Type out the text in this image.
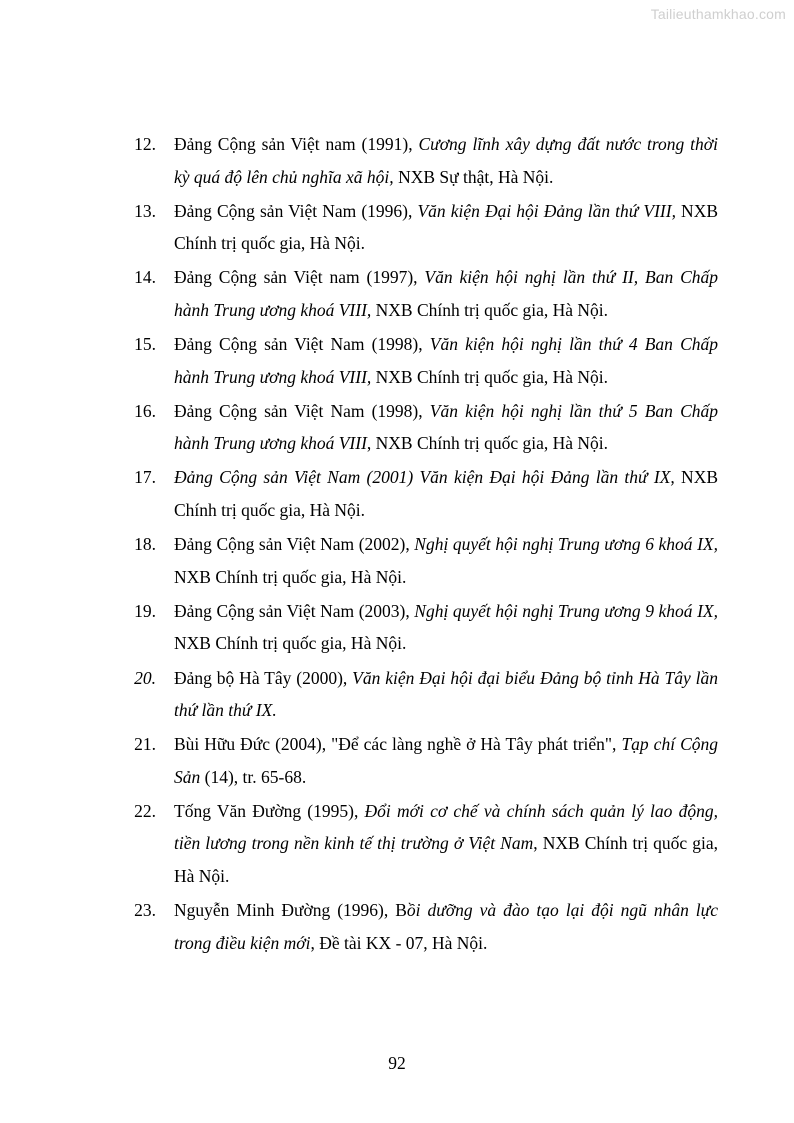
Tailieuthamkhao.com
12. Đảng Cộng sản Việt nam (1991), Cương lĩnh xây dựng đất nước trong thời kỳ quá độ lên chủ nghĩa xã hội, NXB Sự thật, Hà Nội.
13. Đảng Cộng sản Việt Nam (1996), Văn kiện Đại hội Đảng lần thứ VIII, NXB Chính trị quốc gia, Hà Nội.
14. Đảng Cộng sản Việt nam (1997), Văn kiện hội nghị lần thứ II, Ban Chấp hành Trung ương khoá VIII, NXB Chính trị quốc gia, Hà Nội.
15. Đảng Cộng sản Việt Nam (1998), Văn kiện hội nghị lần thứ 4 Ban Chấp hành Trung ương khoá VIII, NXB Chính trị quốc gia, Hà Nội.
16. Đảng Cộng sản Việt Nam (1998), Văn kiện hội nghị lần thứ 5 Ban Chấp hành Trung ương khoá VIII, NXB Chính trị quốc gia, Hà Nội.
17. Đảng Cộng sản Việt Nam (2001) Văn kiện Đại hội Đảng lần thứ IX, NXB Chính trị quốc gia, Hà Nội.
18. Đảng Cộng sản Việt Nam (2002), Nghị quyết hội nghị Trung ương 6 khoá IX, NXB Chính trị quốc gia, Hà Nội.
19. Đảng Cộng sản Việt Nam (2003), Nghị quyết hội nghị Trung ương 9 khoá IX, NXB Chính trị quốc gia, Hà Nội.
20. Đảng bộ Hà Tây (2000), Văn kiện Đại hội đại biểu Đảng bộ tỉnh Hà Tây lần thứ lần thứ IX.
21. Bùi Hữu Đức (2004), "Để các làng nghề ở Hà Tây phát triển", Tạp chí Cộng Sản (14), tr. 65-68.
22. Tống Văn Đường (1995), Đổi mới cơ chế và chính sách quản lý lao động, tiền lương trong nền kinh tế thị trường ở Việt Nam, NXB Chính trị quốc gia, Hà Nội.
23. Nguyễn Minh Đường (1996), Bồi dưỡng và đào tạo lại đội ngũ nhân lực trong điều kiện mới, Đề tài KX - 07, Hà Nội.
92
